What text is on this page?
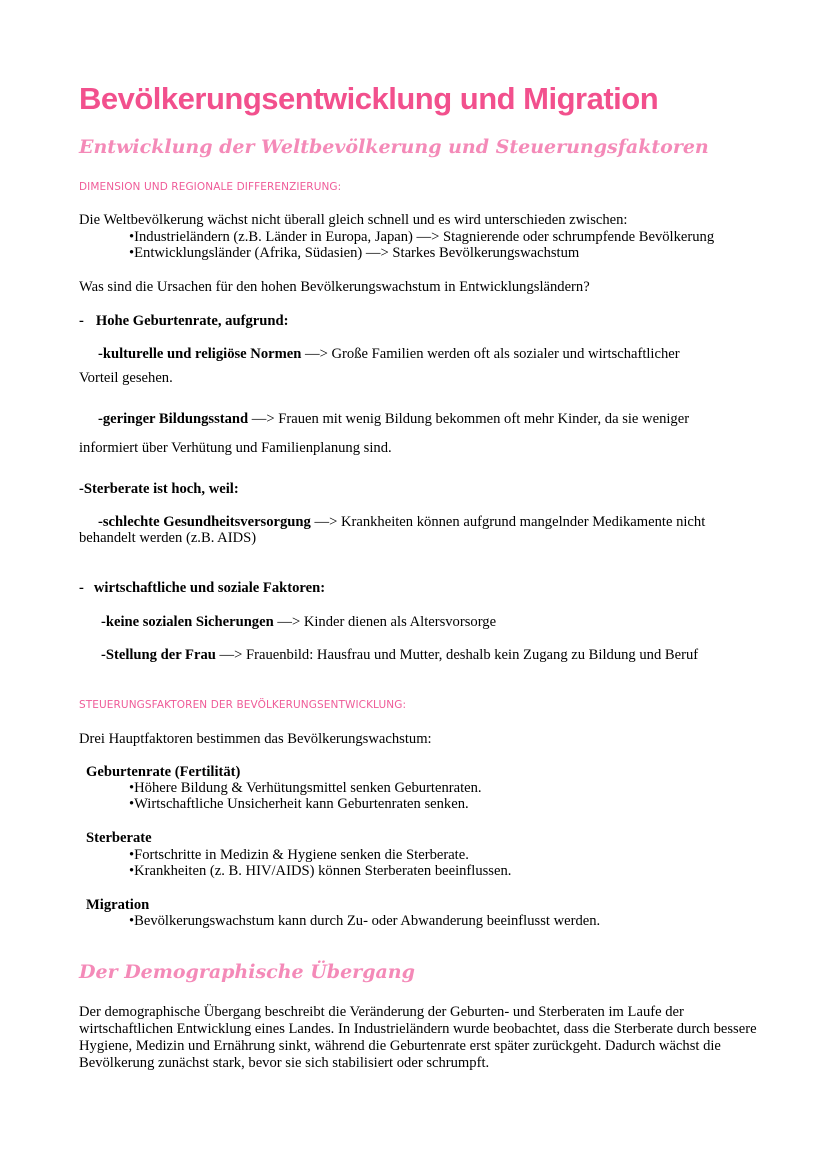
Bevölkerungsentwicklung und Migration
Entwicklung der Weltbevölkerung und Steuerungsfaktoren
DIMENSION UND REGIONALE DIFFERENZIERUNG:

Die Weltbevölkerung wächst nicht überall gleich schnell und es wird unterschieden zwischen:

•Industrieländern (z.B. Länder in Europa, Japan) —> Stagnierende oder schrumpfende Bevölkerung

•Entwicklungsländer (Afrika, Südasien) —> Starkes Bevölkerungswachstum

Was sind die Ursachen für den hohen Bevölkerungswachstum in Entwicklungsländern?

- Hohe Geburtenrate, aufgrund:

-kulturelle und religiöse Normen —> Große Familien werden oft als sozialer und wirtschaftlicher

Vorteil gesehen.

-geringer Bildungsstand —> Frauen mit wenig Bildung bekommen oft mehr Kinder, da sie weniger

informiert über Verhütung und Familienplanung sind.

-Sterberate ist hoch, weil:

-schlechte Gesundheitsversorgung —> Krankheiten können aufgrund mangelnder Medikamente nicht

behandelt werden (z.B. AIDS)

- wirtschaftliche und soziale Faktoren:

-keine sozialen Sicherungen —> Kinder dienen als Altersvorsorge

-Stellung der Frau —> Frauenbild: Hausfrau und Mutter, deshalb kein Zugang zu Bildung und Beruf

STEUERUNGSFAKTOREN DER BEVÖLKERUNGSENTWICKLUNG:

Drei Hauptfaktoren bestimmen das Bevölkerungswachstum:

Geburtenrate (Fertilität)

•Höhere Bildung & Verhütungsmittel senken Geburtenraten.

•Wirtschaftliche Unsicherheit kann Geburtenraten senken.

Sterberate

•Fortschritte in Medizin & Hygiene senken die Sterberate.

•Krankheiten (z. B. HIV/AIDS) können Sterberaten beeinflussen.

Migration

•Bevölkerungswachstum kann durch Zu- oder Abwanderung beeinflusst werden.

Der Demographische Übergang

Der demographische Übergang beschreibt die Veränderung der Geburten- und Sterberaten im Laufe der wirtschaftlichen Entwicklung eines Landes. In Industrieländern wurde beobachtet, dass die Sterberate durch bessere Hygiene, Medizin und Ernährung sinkt, während die Geburtenrate erst später zurückgeht. Dadurch wächst die Bevölkerung zunächst stark, bevor sie sich stabilisiert oder schrumpft.
